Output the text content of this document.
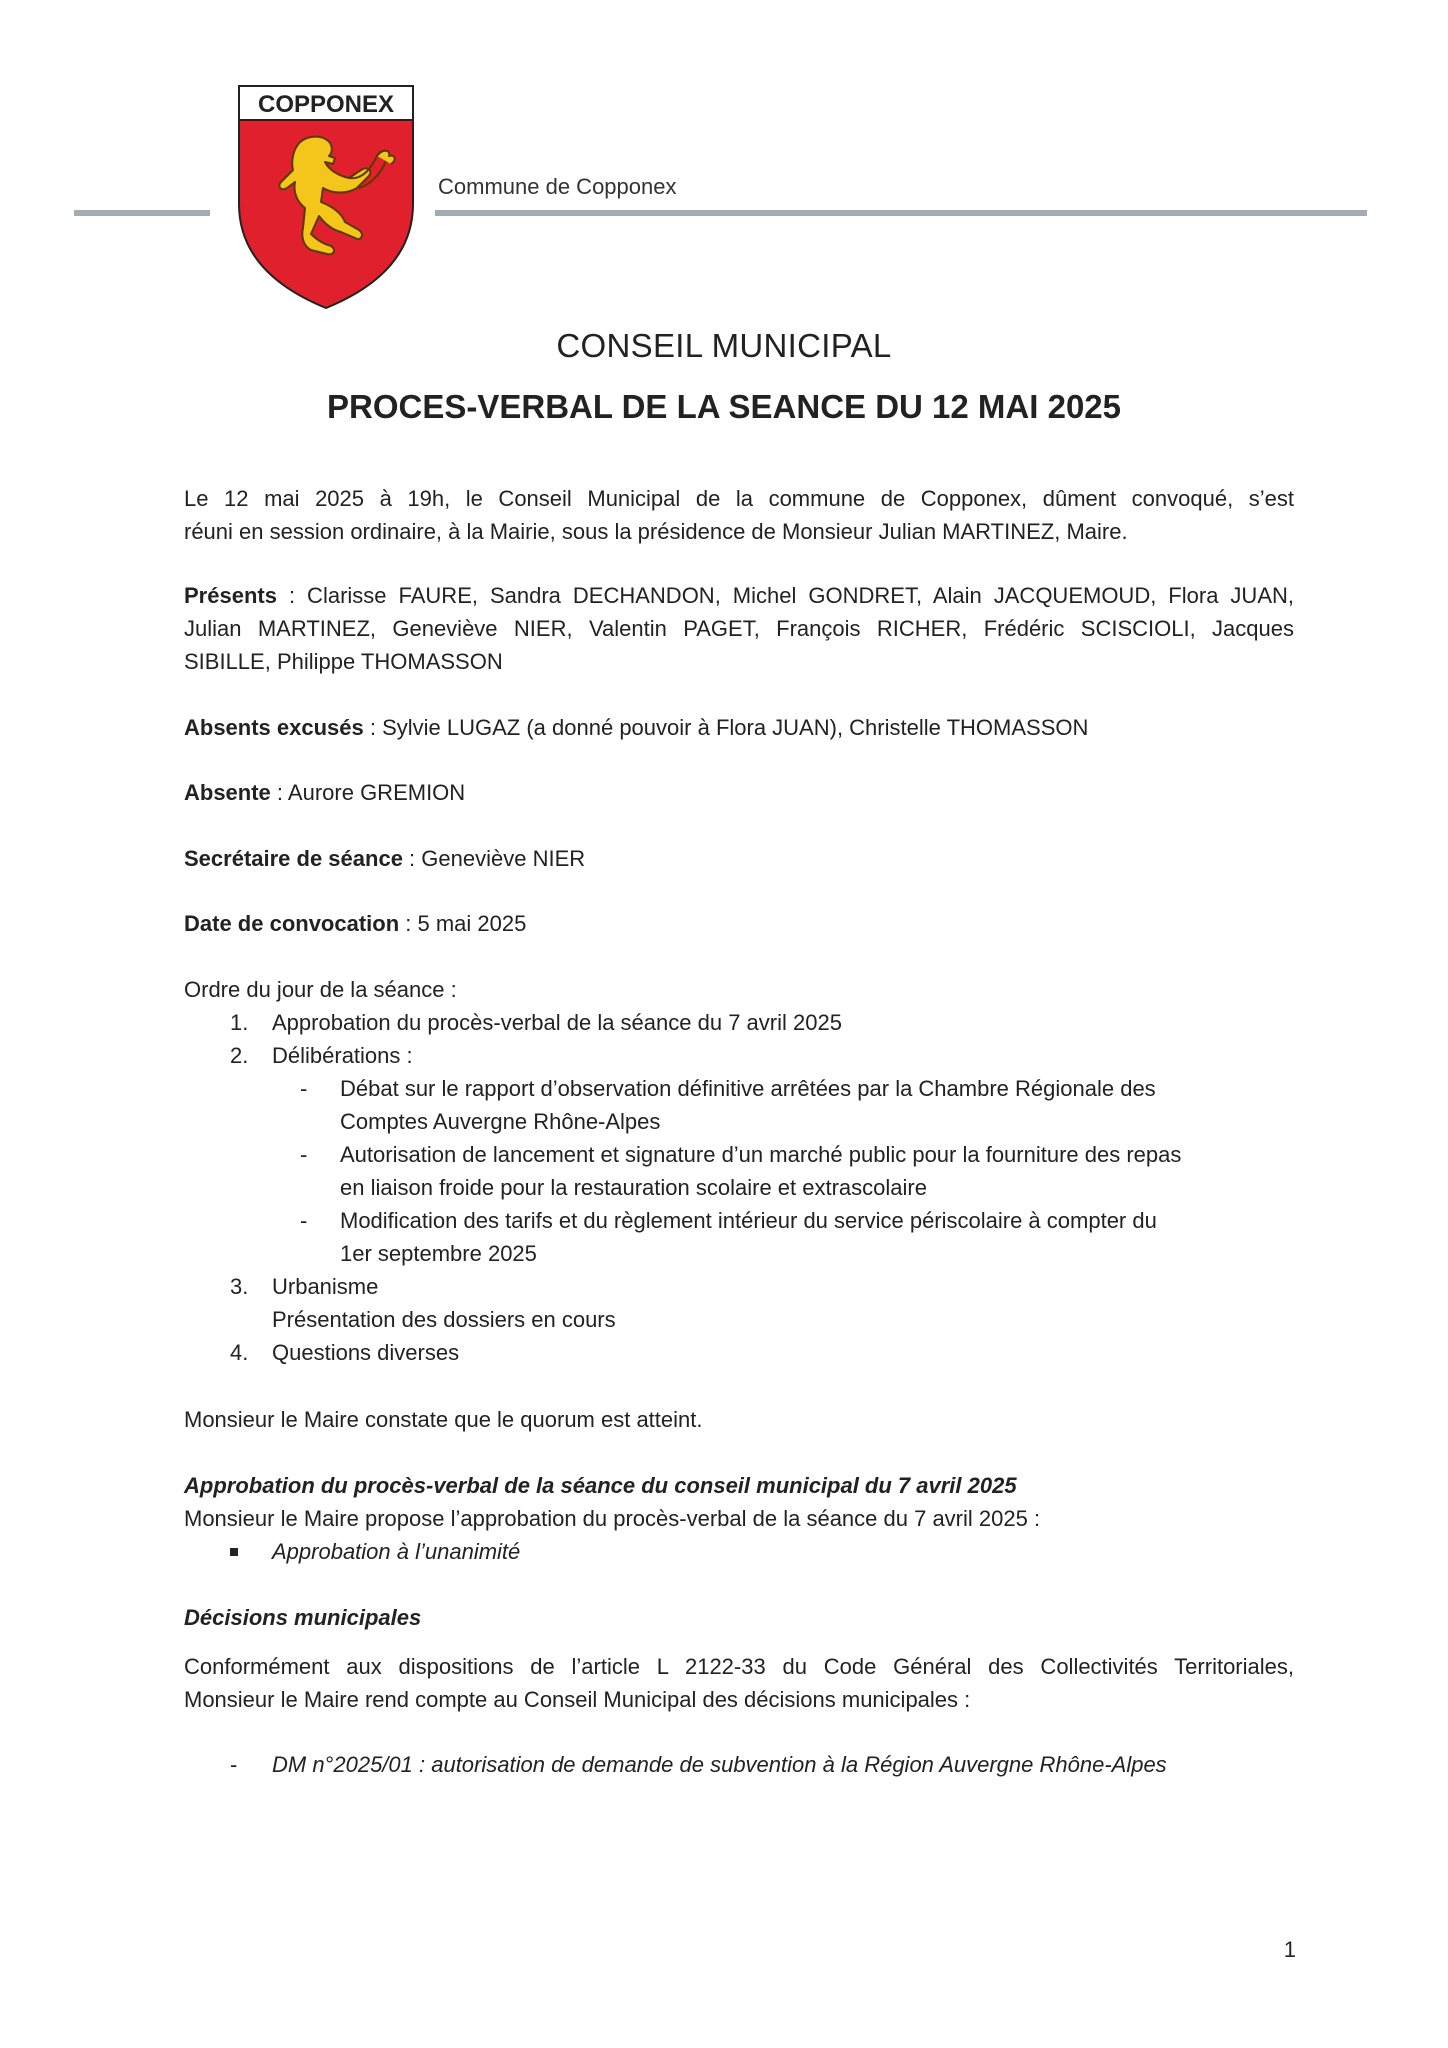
COPPONEX
Commune de Copponex
CONSEIL MUNICIPAL
PROCES-VERBAL DE LA SEANCE DU 12 MAI 2025
Le 12 mai 2025 à 19h, le Conseil Municipal de la commune de Copponex, dûment convoqué, s’est
réuni en session ordinaire, à la Mairie, sous la présidence de Monsieur Julian MARTINEZ, Maire.
Présents : Clarisse FAURE, Sandra DECHANDON, Michel GONDRET, Alain JACQUEMOUD, Flora JUAN,
Julian MARTINEZ, Geneviève NIER, Valentin PAGET, François RICHER, Frédéric SCISCIOLI, Jacques
SIBILLE, Philippe THOMASSON
Absents excusés : Sylvie LUGAZ (a donné pouvoir à Flora JUAN), Christelle THOMASSON
Absente : Aurore GREMION
Secrétaire de séance : Geneviève NIER
Date de convocation : 5 mai 2025
Ordre du jour de la séance :
1. Approbation du procès-verbal de la séance du 7 avril 2025
2. Délibérations :
- Débat sur le rapport d’observation définitive arrêtées par la Chambre Régionale des
Comptes Auvergne Rhône-Alpes
- Autorisation de lancement et signature d’un marché public pour la fourniture des repas
en liaison froide pour la restauration scolaire et extrascolaire
- Modification des tarifs et du règlement intérieur du service périscolaire à compter du
1er septembre 2025
3. Urbanisme
Présentation des dossiers en cours
4. Questions diverses
Monsieur le Maire constate que le quorum est atteint.
Approbation du procès-verbal de la séance du conseil municipal du 7 avril 2025
Monsieur le Maire propose l’approbation du procès-verbal de la séance du 7 avril 2025 :
Approbation à l’unanimité
Décisions municipales
Conformément aux dispositions de l’article L 2122-33 du Code Général des Collectivités Territoriales,
Monsieur le Maire rend compte au Conseil Municipal des décisions municipales :
- DM n°2025/01 : autorisation de demande de subvention à la Région Auvergne Rhône-Alpes
1
